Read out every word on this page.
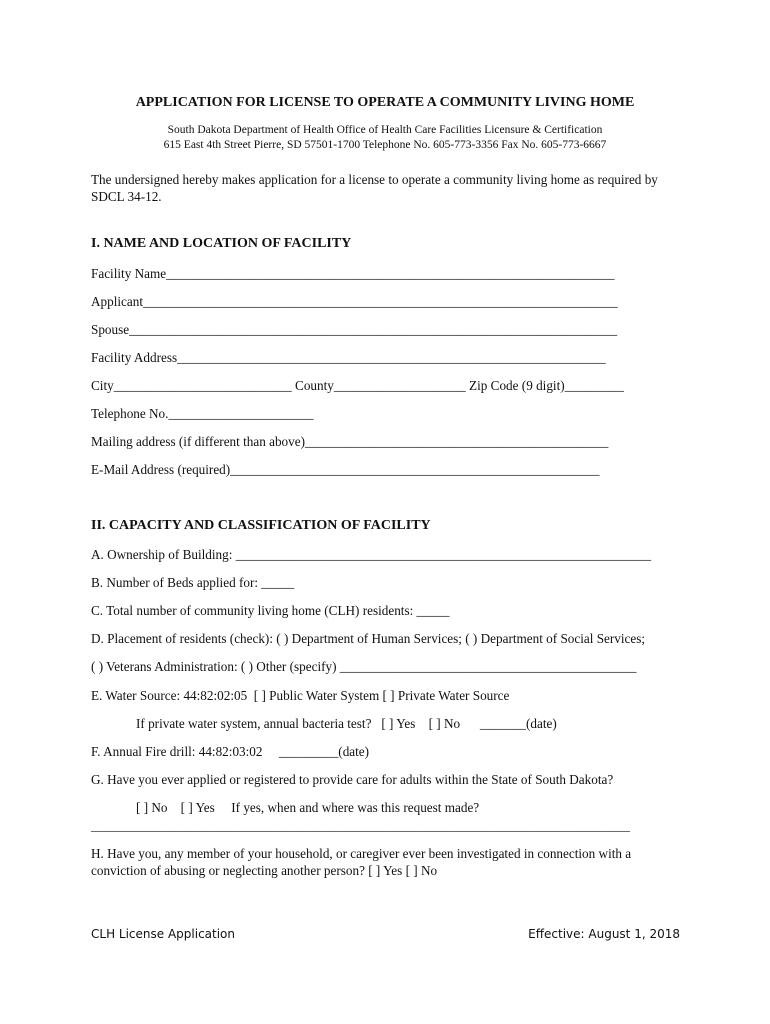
APPLICATION FOR LICENSE TO OPERATE A COMMUNITY LIVING HOME
South Dakota Department of Health Office of Health Care Facilities Licensure & Certification
615 East 4th Street Pierre, SD 57501-1700 Telephone No. 605-773-3356 Fax No. 605-773-6667
The undersigned hereby makes application for a license to operate a community living home as required by SDCL 34-12.
I. NAME AND LOCATION OF FACILITY
Facility Name____________________________________________________________________
Applicant________________________________________________________________________
Spouse__________________________________________________________________________
Facility Address_________________________________________________________________
City___________________________ County____________________ Zip Code (9 digit)_________
Telephone No.______________________
Mailing address (if different than above)______________________________________________
E-Mail Address (required)________________________________________________________
II. CAPACITY AND CLASSIFICATION OF FACILITY
A. Ownership of Building: _______________________________________________________________
B. Number of Beds applied for: _____
C. Total number of community living home (CLH) residents: _____
D. Placement of residents (check): ( ) Department of Human Services; ( ) Department of Social Services;
( ) Veterans Administration: ( ) Other (specify) _____________________________________________
E. Water Source: 44:82:02:05  [ ] Public Water System [ ] Private Water Source
If private water system, annual bacteria test?   [ ] Yes    [ ] No      _______(date)
F. Annual Fire drill: 44:82:03:02     _________(date)
G. Have you ever applied or registered to provide care for adults within the State of South Dakota?
[ ] No    [ ] Yes     If yes, when and where was this request made?
_______________________________________________________________________________________
H. Have you, any member of your household, or caregiver ever been investigated in connection with a conviction of abusing or neglecting another person? [ ] Yes [ ] No
CLH License Application	Effective: August 1, 2018
